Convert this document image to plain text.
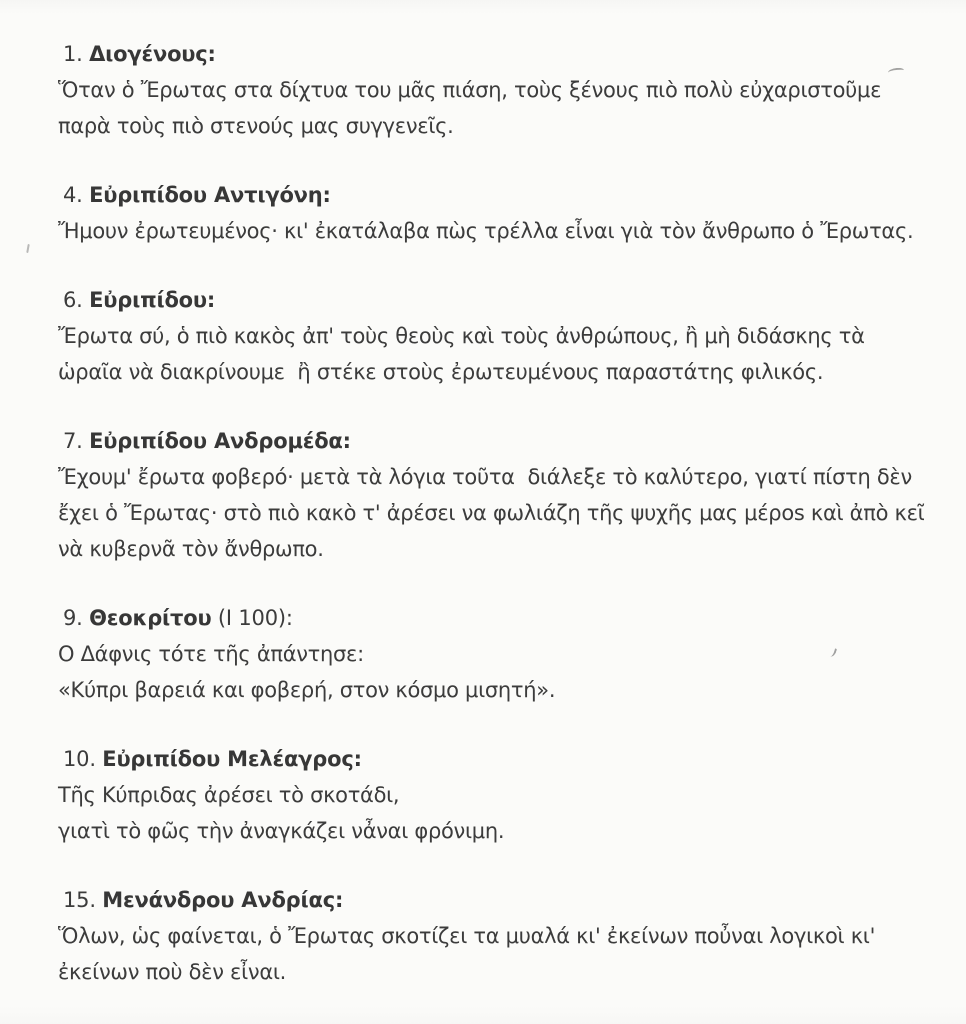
1. Διογένους:
Ὅταν ὁ Ἔρωτας στα δίχτυα του μᾶς πιάση, τοὺς ξένους πιὸ πολὺ εὐχαριστοῦμε
παρὰ τοὺς πιὸ στενούς μας συγγενεῖς.
4. Εὐριπίδου Αντιγόνη:
Ἤμουν ἐρωτευμένος· κι' ἐκατάλαβα πὼς τρέλλα εἶναι γιὰ τὸν ἄνθρωπο ὁ Ἔρωτας.
6. Εὐριπίδου:
Ἔρωτα σύ, ὁ πιὸ κακὸς ἀπ' τοὺς θεοὺς καὶ τοὺς ἀνθρώπους, ἢ μὴ διδάσκης τὰ
ὡραῖα νὰ διακρίνουμε  ἢ στέκε στοὺς ἐρωτευμένους παραστάτης φιλικός.
7. Εὐριπίδου Ανδρομέδα:
Ἔχουμ' ἔρωτα φοβερό· μετὰ τὰ λόγια τοῦτα  διάλεξε τὸ καλύτερο, γιατί πίστη δὲν
ἔχει ὁ Ἔρωτας· στὸ πιὸ κακὸ τ' ἀρέσει να φωλιάζη τῆς ψυχῆς μας μέρos καὶ ἀπὸ κεῖ
νὰ κυβερνᾶ τὸν ἄνθρωπο.
9. Θεοκρίτου (I 100):
Ο Δάφνις τότε τῆς ἀπάντησε:
«Κύπρι βαρειά και φοβερή, στον κόσμο μισητή».
10. Εὐριπίδου Μελέαγρος:
Τῆς Κύπριδας ἀρέσει τὸ σκοτάδι,
γιατὶ τὸ φῶς τὴν ἀναγκάζει νἆναι φρόνιμη.
15. Μενάνδρου Ανδρίας:
Ὅλων, ὡς φαίνεται, ὁ Ἔρωτας σκοτίζει τα μυαλά κι' ἐκείνων ποὖναι λογικοὶ κι'
ἐκείνων ποὺ δὲν εἶναι.
